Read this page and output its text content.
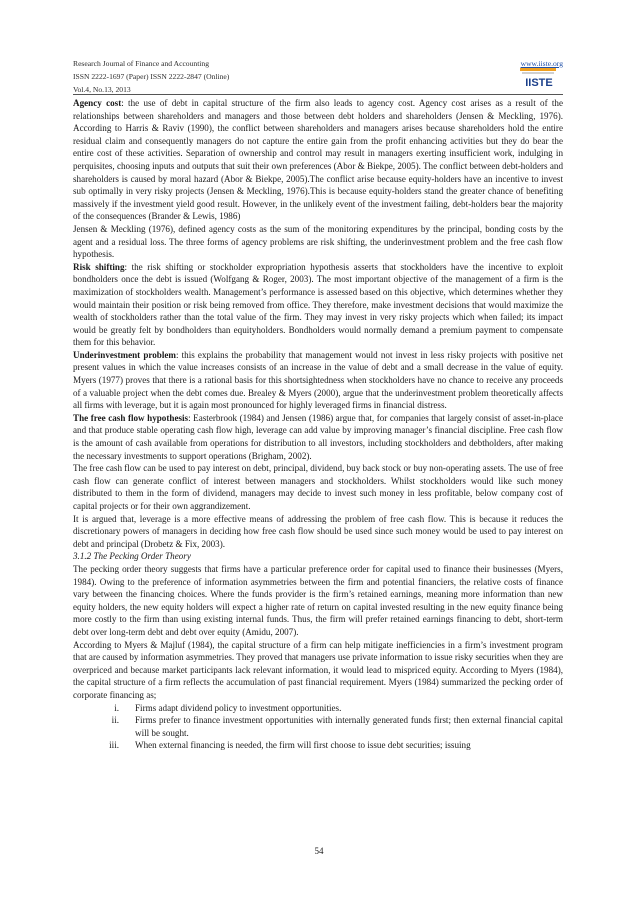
Research Journal of Finance and Accounting
ISSN 2222-1697 (Paper) ISSN 2222-2847 (Online)
Vol.4, No.13, 2013
www.iiste.org
IISTE

Agency cost: the use of debt in capital structure of the firm also leads to agency cost. Agency cost arises as a result of the relationships between shareholders and managers and those between debt holders and shareholders (Jensen & Meckling, 1976). According to Harris & Raviv (1990), the conflict between shareholders and managers arises because shareholders hold the entire residual claim and consequently managers do not capture the entire gain from the profit enhancing activities but they do bear the entire cost of these activities. Separation of ownership and control may result in managers exerting insufficient work, indulging in perquisites, choosing inputs and outputs that suit their own preferences (Abor & Biekpe, 2005). The conflict between debt-holders and shareholders is caused by moral hazard (Abor & Biekpe, 2005).The conflict arise because equity-holders have an incentive to invest sub optimally in very risky projects (Jensen & Meckling, 1976).This is because equity-holders stand the greater chance of benefiting massively if the investment yield good result. However, in the unlikely event of the investment failing, debt-holders bear the majority of the consequences (Brander & Lewis, 1986)

Jensen & Meckling (1976), defined agency costs as the sum of the monitoring expenditures by the principal, bonding costs by the agent and a residual loss. The three forms of agency problems are risk shifting, the underinvestment problem and the free cash flow hypothesis.

Risk shifting: the risk shifting or stockholder expropriation hypothesis asserts that stockholders have the incentive to exploit bondholders once the debt is issued (Wolfgang & Roger, 2003). The most important objective of the management of a firm is the maximization of stockholders wealth. Management’s performance is assessed based on this objective, which determines whether they would maintain their position or risk being removed from office. They therefore, make investment decisions that would maximize the wealth of stockholders rather than the total value of the firm. They may invest in very risky projects which when failed; its impact would be greatly felt by bondholders than equityholders. Bondholders would normally demand a premium payment to compensate them for this behavior.

Underinvestment problem: this explains the probability that management would not invest in less risky projects with positive net present values in which the value increases consists of an increase in the value of debt and a small decrease in the value of equity. Myers (1977) proves that there is a rational basis for this shortsightedness when stockholders have no chance to receive any proceeds of a valuable project when the debt comes due. Brealey & Myers (2000), argue that the underinvestment problem theoretically affects all firms with leverage, but it is again most pronounced for highly leveraged firms in financial distress.

The free cash flow hypothesis: Easterbrook (1984) and Jensen (1986) argue that, for companies that largely consist of asset-in-place and that produce stable operating cash flow high, leverage can add value by improving manager’s financial discipline. Free cash flow is the amount of cash available from operations for distribution to all investors, including stockholders and debtholders, after making the necessary investments to support operations (Brigham, 2002).

The free cash flow can be used to pay interest on debt, principal, dividend, buy back stock or buy non-operating assets. The use of free cash flow can generate conflict of interest between managers and stockholders. Whilst stockholders would like such money distributed to them in the form of dividend, managers may decide to invest such money in less profitable, below company cost of capital projects or for their own aggrandizement.

It is argued that, leverage is a more effective means of addressing the problem of free cash flow. This is because it reduces the discretionary powers of managers in deciding how free cash flow should be used since such money would be used to pay interest on debt and principal (Drobetz & Fix, 2003).

3.1.2 The Pecking Order Theory

The pecking order theory suggests that firms have a particular preference order for capital used to finance their businesses (Myers, 1984). Owing to the preference of information asymmetries between the firm and potential financiers, the relative costs of finance vary between the financing choices. Where the funds provider is the firm’s retained earnings, meaning more information than new equity holders, the new equity holders will expect a higher rate of return on capital invested resulting in the new equity finance being more costly to the firm than using existing internal funds. Thus, the firm will prefer retained earnings financing to debt, short-term debt over long-term debt and debt over equity (Amidu, 2007).

According to Myers & Majluf (1984), the capital structure of a firm can help mitigate inefficiencies in a firm’s investment program that are caused by information asymmetries. They proved that managers use private information to issue risky securities when they are overpriced and because market participants lack relevant information, it would lead to mispriced equity. According to Myers (1984), the capital structure of a firm reflects the accumulation of past financial requirement. Myers (1984) summarized the pecking order of corporate financing as;

i.	Firms adapt dividend policy to investment opportunities.
ii.	Firms prefer to finance investment opportunities with internally generated funds first; then external financial capital will be sought.
iii.	When external financing is needed, the firm will first choose to issue debt securities; issuing
54
